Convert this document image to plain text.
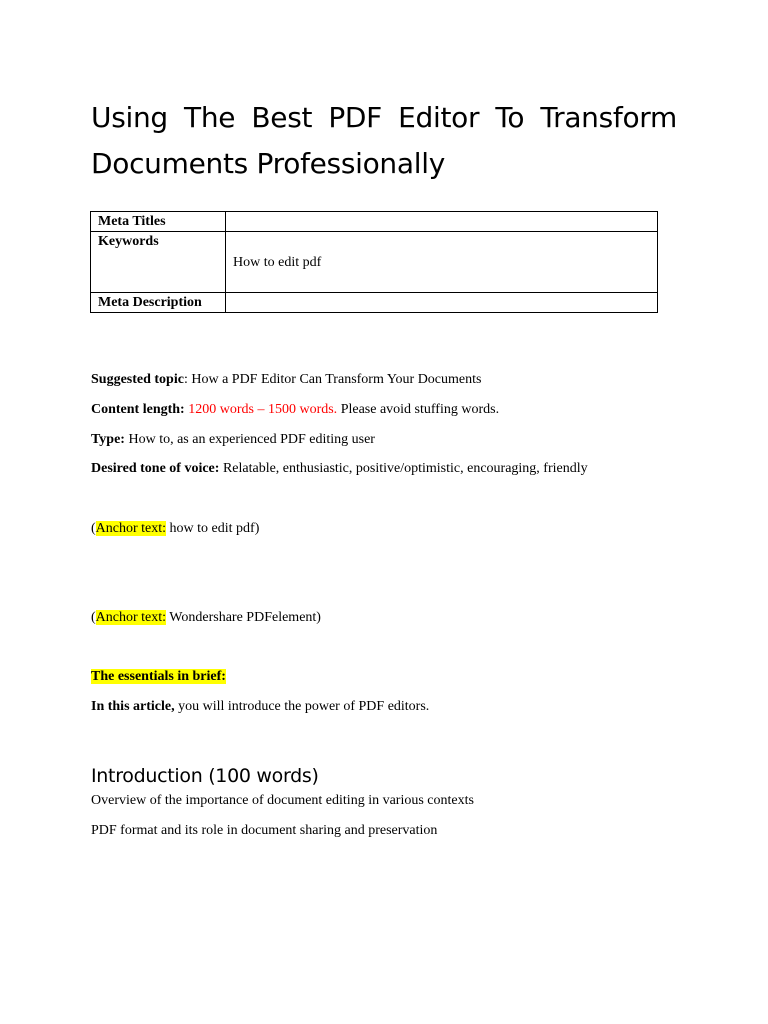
Using The Best PDF Editor To Transform Documents Professionally
Meta Titles	
Keywords	How to edit pdf
Meta Description	

Suggested topic: How a PDF Editor Can Transform Your Documents

Content length: 1200 words – 1500 words. Please avoid stuffing words.

Type: How to, as an experienced PDF editing user

Desired tone of voice: Relatable, enthusiastic, positive/optimistic, encouraging, friendly

(Anchor text: how to edit pdf)

(Anchor text: Wondershare PDFelement)

The essentials in brief:

In this article, you will introduce the power of PDF editors.

Introduction (100 words)

Overview of the importance of document editing in various contexts

PDF format and its role in document sharing and preservation
